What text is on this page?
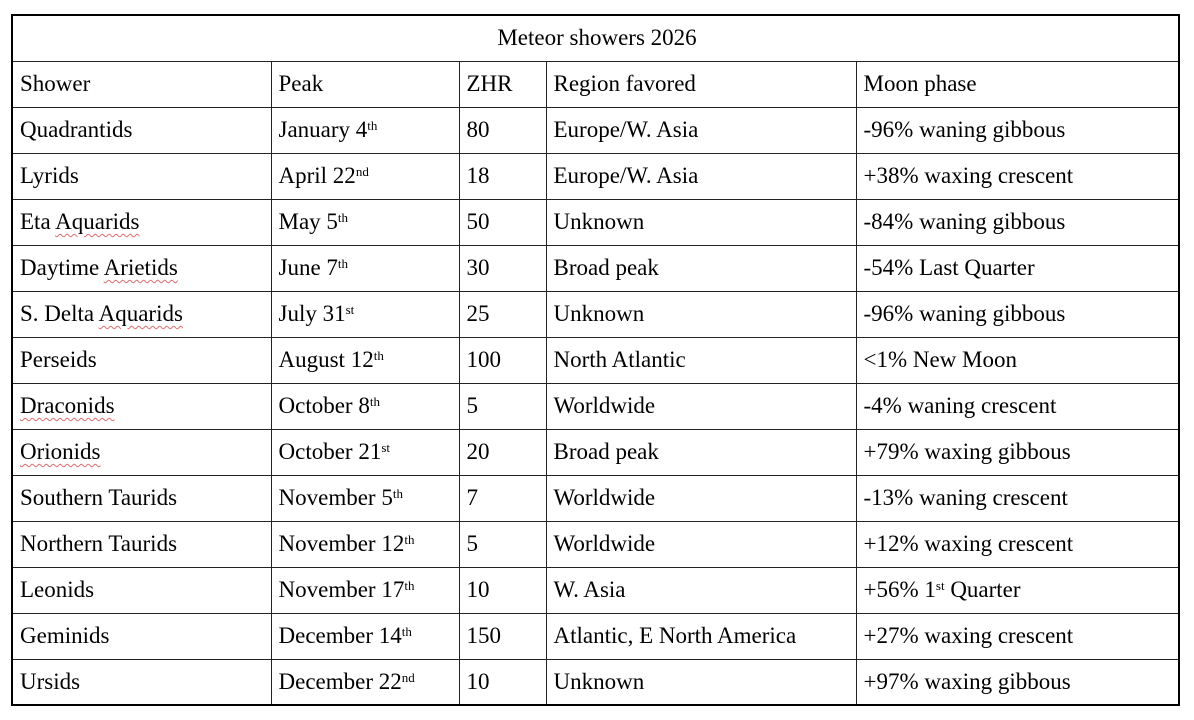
Meteor showers 2026				
Shower	Peak	ZHR	Region favored	Moon phase
Quadrantids	January 4th	80	Europe/W. Asia	-96% waning gibbous
Lyrids	April 22nd	18	Europe/W. Asia	+38% waxing crescent
Eta Aquarids	May 5th	50	Unknown	-84% waning gibbous
Daytime Arietids	June 7th	30	Broad peak	-54% Last Quarter
S. Delta Aquarids	July 31st	25	Unknown	-96% waning gibbous
Perseids	August 12th	100	North Atlantic	<1% New Moon
Draconids	October 8th	5	Worldwide	-4% waning crescent
Orionids	October 21st	20	Broad peak	+79% waxing gibbous
Southern Taurids	November 5th	7	Worldwide	-13% waning crescent
Northern Taurids	November 12th	5	Worldwide	+12% waxing crescent
Leonids	November 17th	10	W. Asia	+56% 1st Quarter
Geminids	December 14th	150	Atlantic, E North America	+27% waxing crescent
Ursids	December 22nd	10	Unknown	+97% waxing gibbous
